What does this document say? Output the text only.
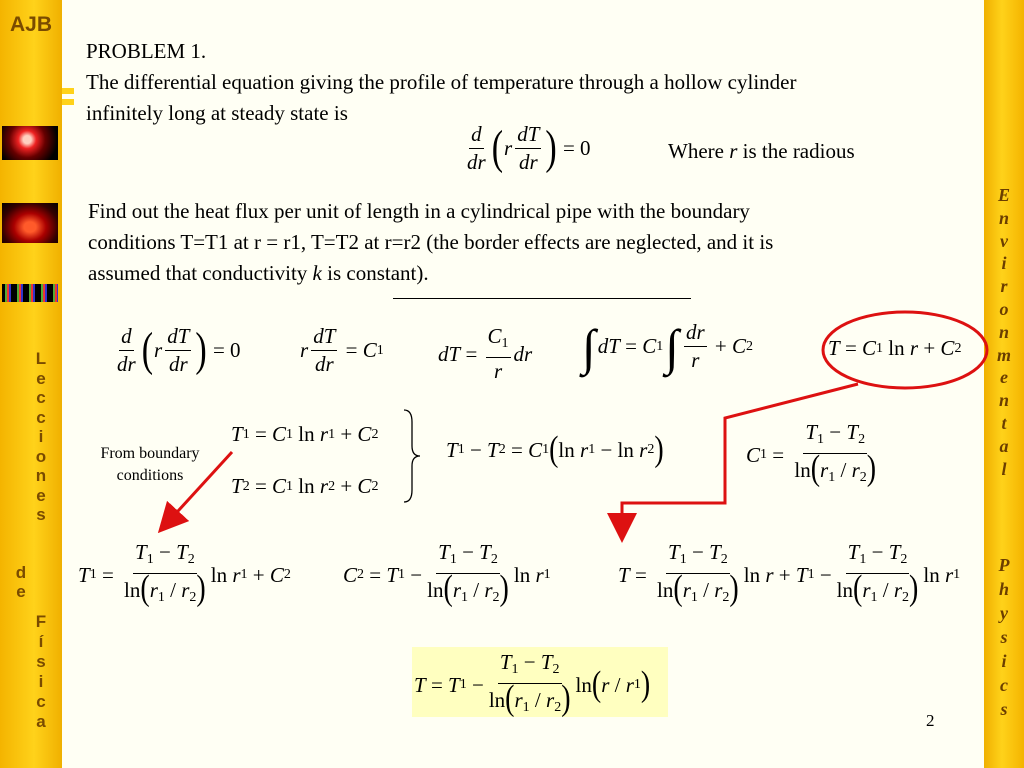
AJB
L
e
c
c
i
o
n
e
s
d
e
F
í
s
i
c
a
E
n
v
i
r
o
n
m
e
n
t
a
l
P
h
y
s
i
c
s
PROBLEM 1.
The differential equation giving the profile of temperature through a hollow cylinder
infinitely long at steady state is
$\frac{d}{dr}$ ( r $\frac{dT}{dr}$ ) = 0	Where r is the radious
Find out the heat flux per unit of length in a cylindrical pipe with the boundary
conditions T=T1 at r = r1, T=T2 at r=r2 (the border effects are neglected, and it is
assumed that conductivity k is constant).
$\frac{d}{dr}$ ( r $\frac{dT}{dr}$ ) = 0	r $\frac{dT}{dr} = C$ 1	dT = $\frac{C_1}{r}$ dr ∫ dT = C 1 ∫ $\frac{dr}{r} + C$ 2	T = C 1 ln r + C 2
T 1 = C 1 ln r 1 + C 2
T 2 = C 1 ln r 2 + C 2
From boundary
conditions
T 1 − T 2 = C 1 ( ln r 1 − ln r 2 )	C $1 = \frac{T_1 - T_2}{\ln(r_1 / r_2)}$
T $1 = \frac{T_1 - T_2}{\ln(r_1 / r_2)}$ ln r 1 + C 2 C 2 = T $1 - \frac{T_1 - T_2}{\ln(r_1 / r_2)}$ ln r 1	$T = \frac{T_1 - T_2}{\ln(r_1 / r_2)}$ ln r + T $1 - \frac{T_1 - T_2}{\ln(r_1 / r_2)}$ ln r 1
T = T $1 - \frac{T_1 - T_2}{\ln(r_1 / r_2)}$ ln ( r / r 1 )
2
